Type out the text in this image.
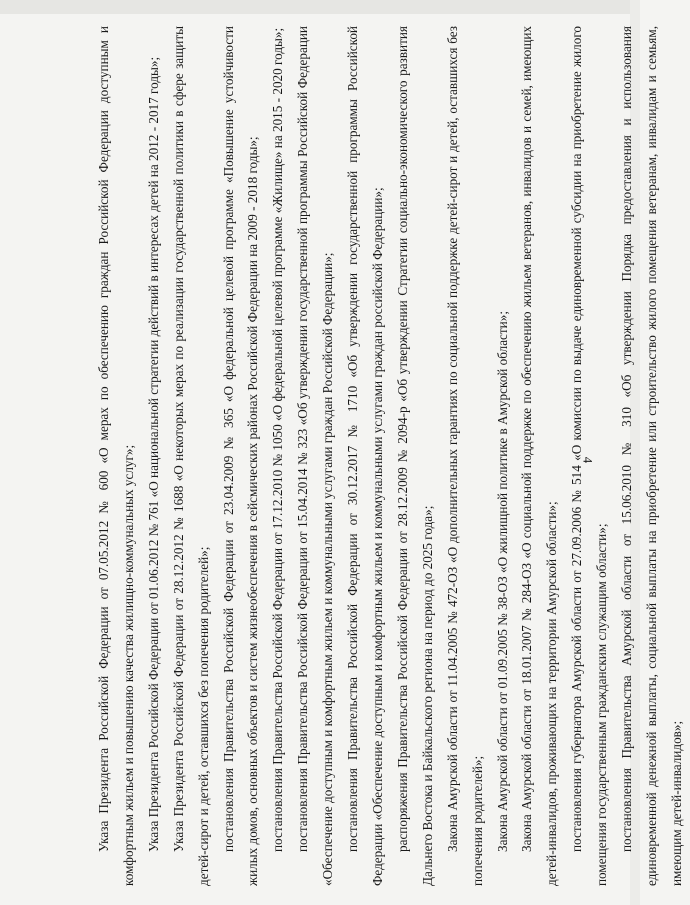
4

Указа Президента Российской Федерации от 07.05.2012 № 600 «О мерах по обеспечению граждан Российской Федерации доступным и комфортным жильем и повышению качества жилищно-коммунальных услуг»; Указа Президента Российской Федерации от 01.06.2012 № 761 «О национальной стратегии действий в интересах детей на 2012 - 2017 годы»; Указа Президента Российской Федерации от 28.12.2012 № 1688 «О некоторых мерах по реализации государственной политики в сфере защиты детей-сирот и детей, оставшихся без попечения родителей»; постановления Правительства Российской Федерации от 23.04.2009 № 365 «О федеральной целевой программе «Повышение устойчивости жилых домов, основных объектов и систем жизнеобеспечения в сейсмических районах Российской Федерации на 2009 - 2018 годы»; постановления Правительства Российской Федерации от 17.12.2010 № 1050 «О федеральной целевой программе «Жилище» на 2015 - 2020 годы»; постановления Правительства Российской Федерации от 15.04.2014 № 323 «Об утверждении государственной программы Российской Федерации «Обеспечение доступным и комфортным жильем и коммунальными услугами граждан Российской Федерации»; постановления Правительства Российской Федерации от 30.12.2017 № 1710 «Об утверждении государственной программы Российской Федерации «Обеспечение доступным и комфортным жильем и коммунальными услугами граждан российской Федерации»; распоряжения Правительства Российской Федерации от 28.12.2009 № 2094-р «Об утверждении Стратегии социально-экономического развития Дальнего Востока и Байкальского региона на период до 2025 года»; Закона Амурской области от 11.04.2005 № 472-ОЗ «О дополнительных гарантиях по социальной поддержке детей-сирот и детей, оставшихся без попечения родителей»; Закона Амурской области от 01.09.2005 № 38-ОЗ «О жилищной политике в Амурской области»; Закона Амурской области от 18.01.2007 № 284-ОЗ «О социальной поддержке по обеспечению жильем ветеранов, инвалидов и семей, имеющих детей-инвалидов, проживающих на территории Амурской области»; постановления губернатора Амурской области от 27.09.2006 № 514 «О комиссии по выдаче единовременной субсидии на приобретение жилого помещения государственным гражданским служащим области»; постановления Правительства Амурской области от 15.06.2010 № 310 «Об утверждении Порядка предоставления и использования единовременной денежной выплаты, социальной выплаты на приобретение или строительство жилого помещения ветеранам, инвалидам и семьям, имеющим детей-инвалидов»;
